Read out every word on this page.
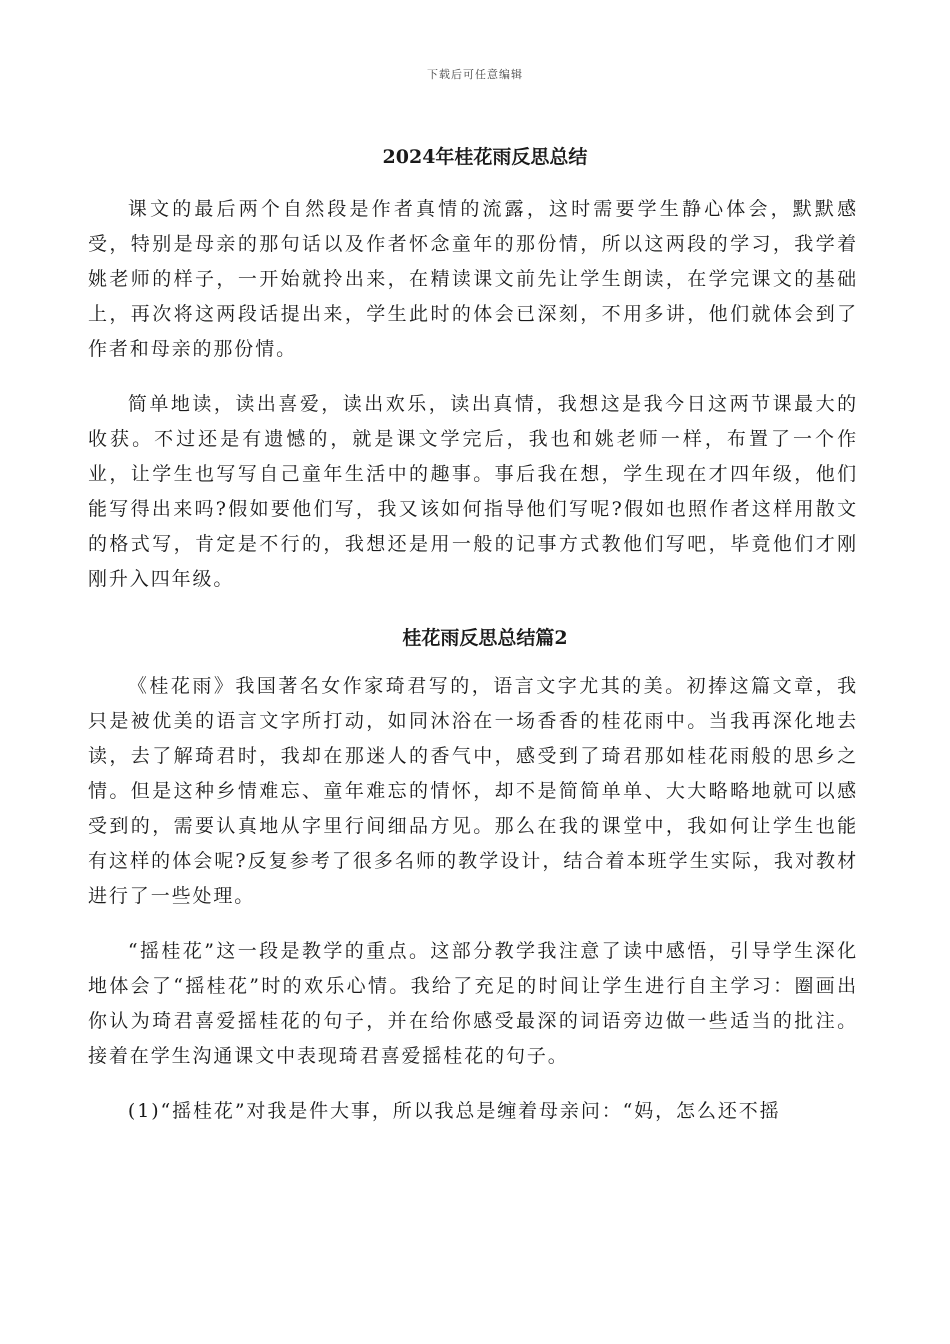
下载后可任意编辑
2024年桂花雨反思总结

课文的最后两个自然段是作者真情的流露，这时需要学生静心体会，默默感受，特别是母亲的那句话以及作者怀念童年的那份情，所以这两段的学习，我学着姚老师的样子，一开始就拎出来，在精读课文前先让学生朗读，在学完课文的基础上，再次将这两段话提出来，学生此时的体会已深刻，不用多讲，他们就体会到了作者和母亲的那份情。

简单地读，读出喜爱，读出欢乐，读出真情，我想这是我今日这两节课最大的收获。不过还是有遗憾的，就是课文学完后，我也和姚老师一样，布置了一个作业，让学生也写写自己童年生活中的趣事。事后我在想，学生现在才四年级，他们能写得出来吗?假如要他们写，我又该如何指导他们写呢?假如也照作者这样用散文的格式写，肯定是不行的，我想还是用一般的记事方式教他们写吧，毕竟他们才刚刚升入四年级。

桂花雨反思总结篇2

《桂花雨》我国著名女作家琦君写的，语言文字尤其的美。初捧这篇文章，我只是被优美的语言文字所打动，如同沐浴在一场香香的桂花雨中。当我再深化地去读，去了解琦君时，我却在那迷人的香气中，感受到了琦君那如桂花雨般的思乡之情。但是这种乡情难忘、童年难忘的情怀，却不是简简单单、大大略略地就可以感受到的，需要认真地从字里行间细品方见。那么在我的课堂中，我如何让学生也能有这样的体会呢?反复参考了很多名师的教学设计，结合着本班学生实际，我对教材进行了一些处理。

“摇桂花”这一段是教学的重点。这部分教学我注意了读中感悟，引导学生深化地体会了“摇桂花”时的欢乐心情。我给了充足的时间让学生进行自主学习：圈画出你认为琦君喜爱摇桂花的句子，并在给你感受最深的词语旁边做一些适当的批注。接着在学生沟通课文中表现琦君喜爱摇桂花的句子。

(1)“摇桂花”对我是件大事，所以我总是缠着母亲问：“妈，怎么还不摇
